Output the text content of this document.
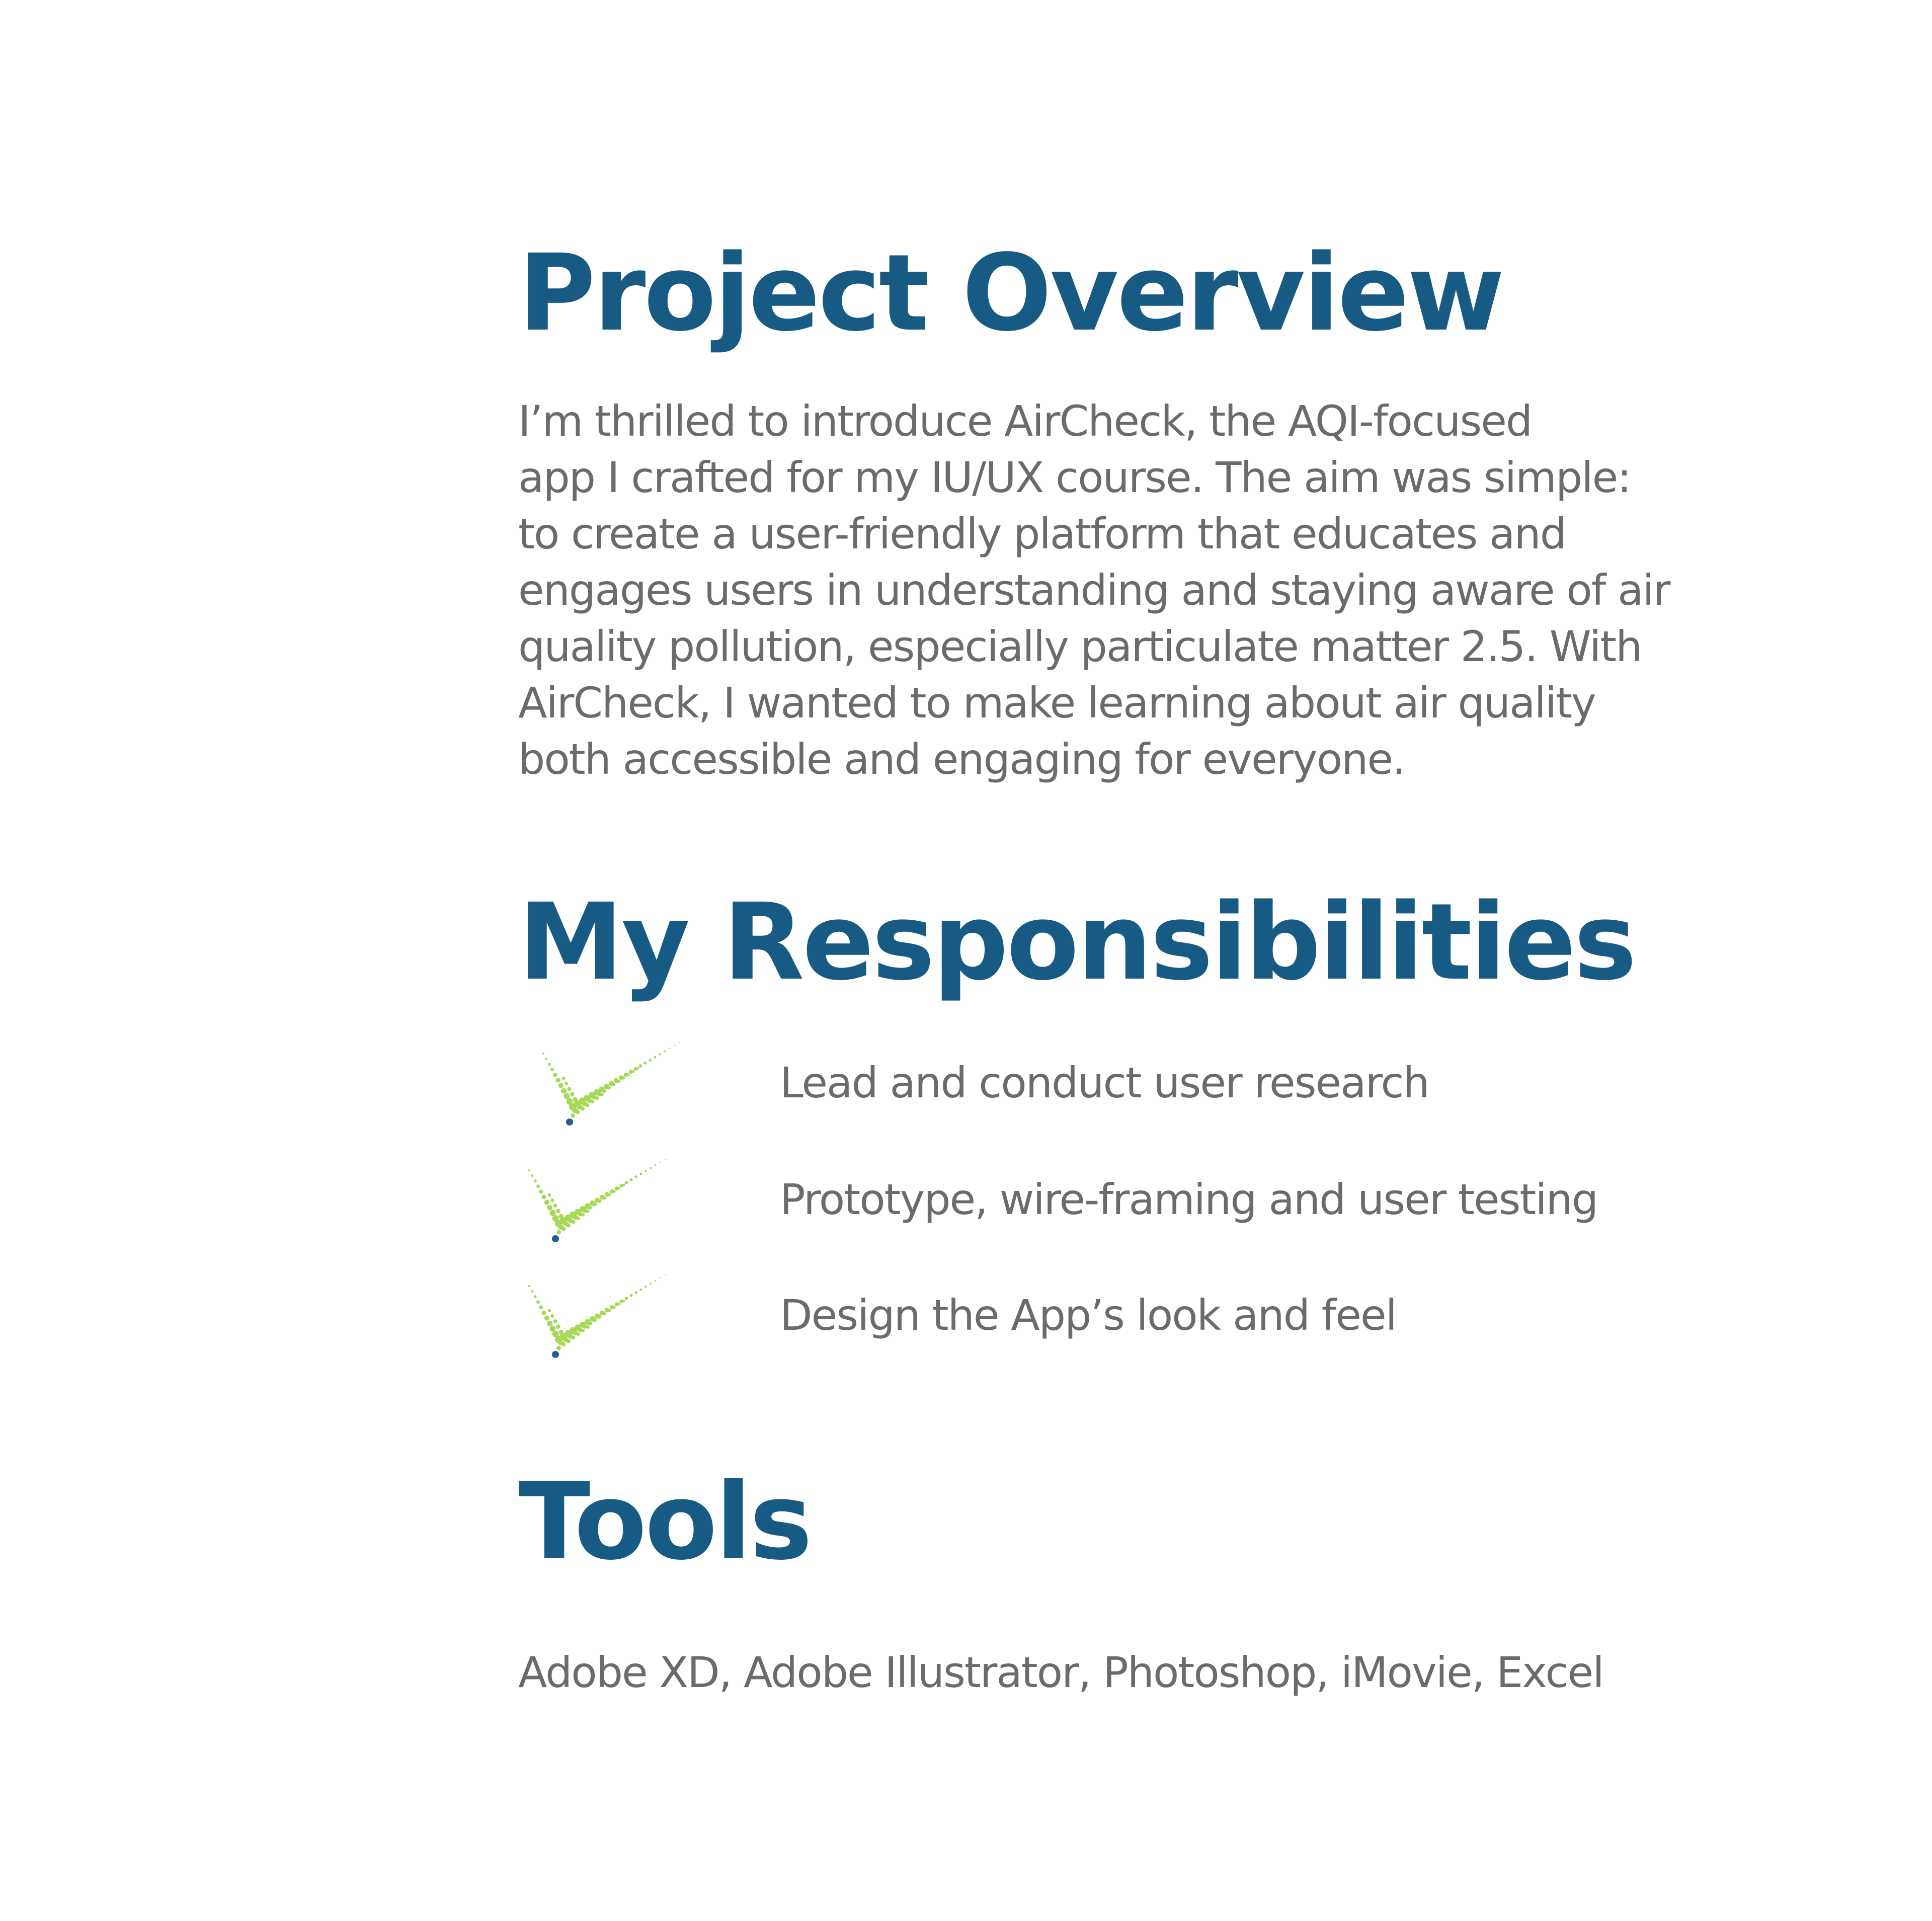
Project Overview
I’m thrilled to introduce AirCheck, the AQI-focused
app I crafted for my IU/UX course. The aim was simple:
to create a user-friendly platform that educates and
engages users in understanding and staying aware of air
quality pollution, especially particulate matter 2.5. With
AirCheck, I wanted to make learning about air quality
both accessible and engaging for everyone.
My Responsibilities
Lead and conduct user research
Prototype, wire-framing and user testing
Design the App’s look and feel
Tools
Adobe XD, Adobe Illustrator, Photoshop, iMovie, Excel
